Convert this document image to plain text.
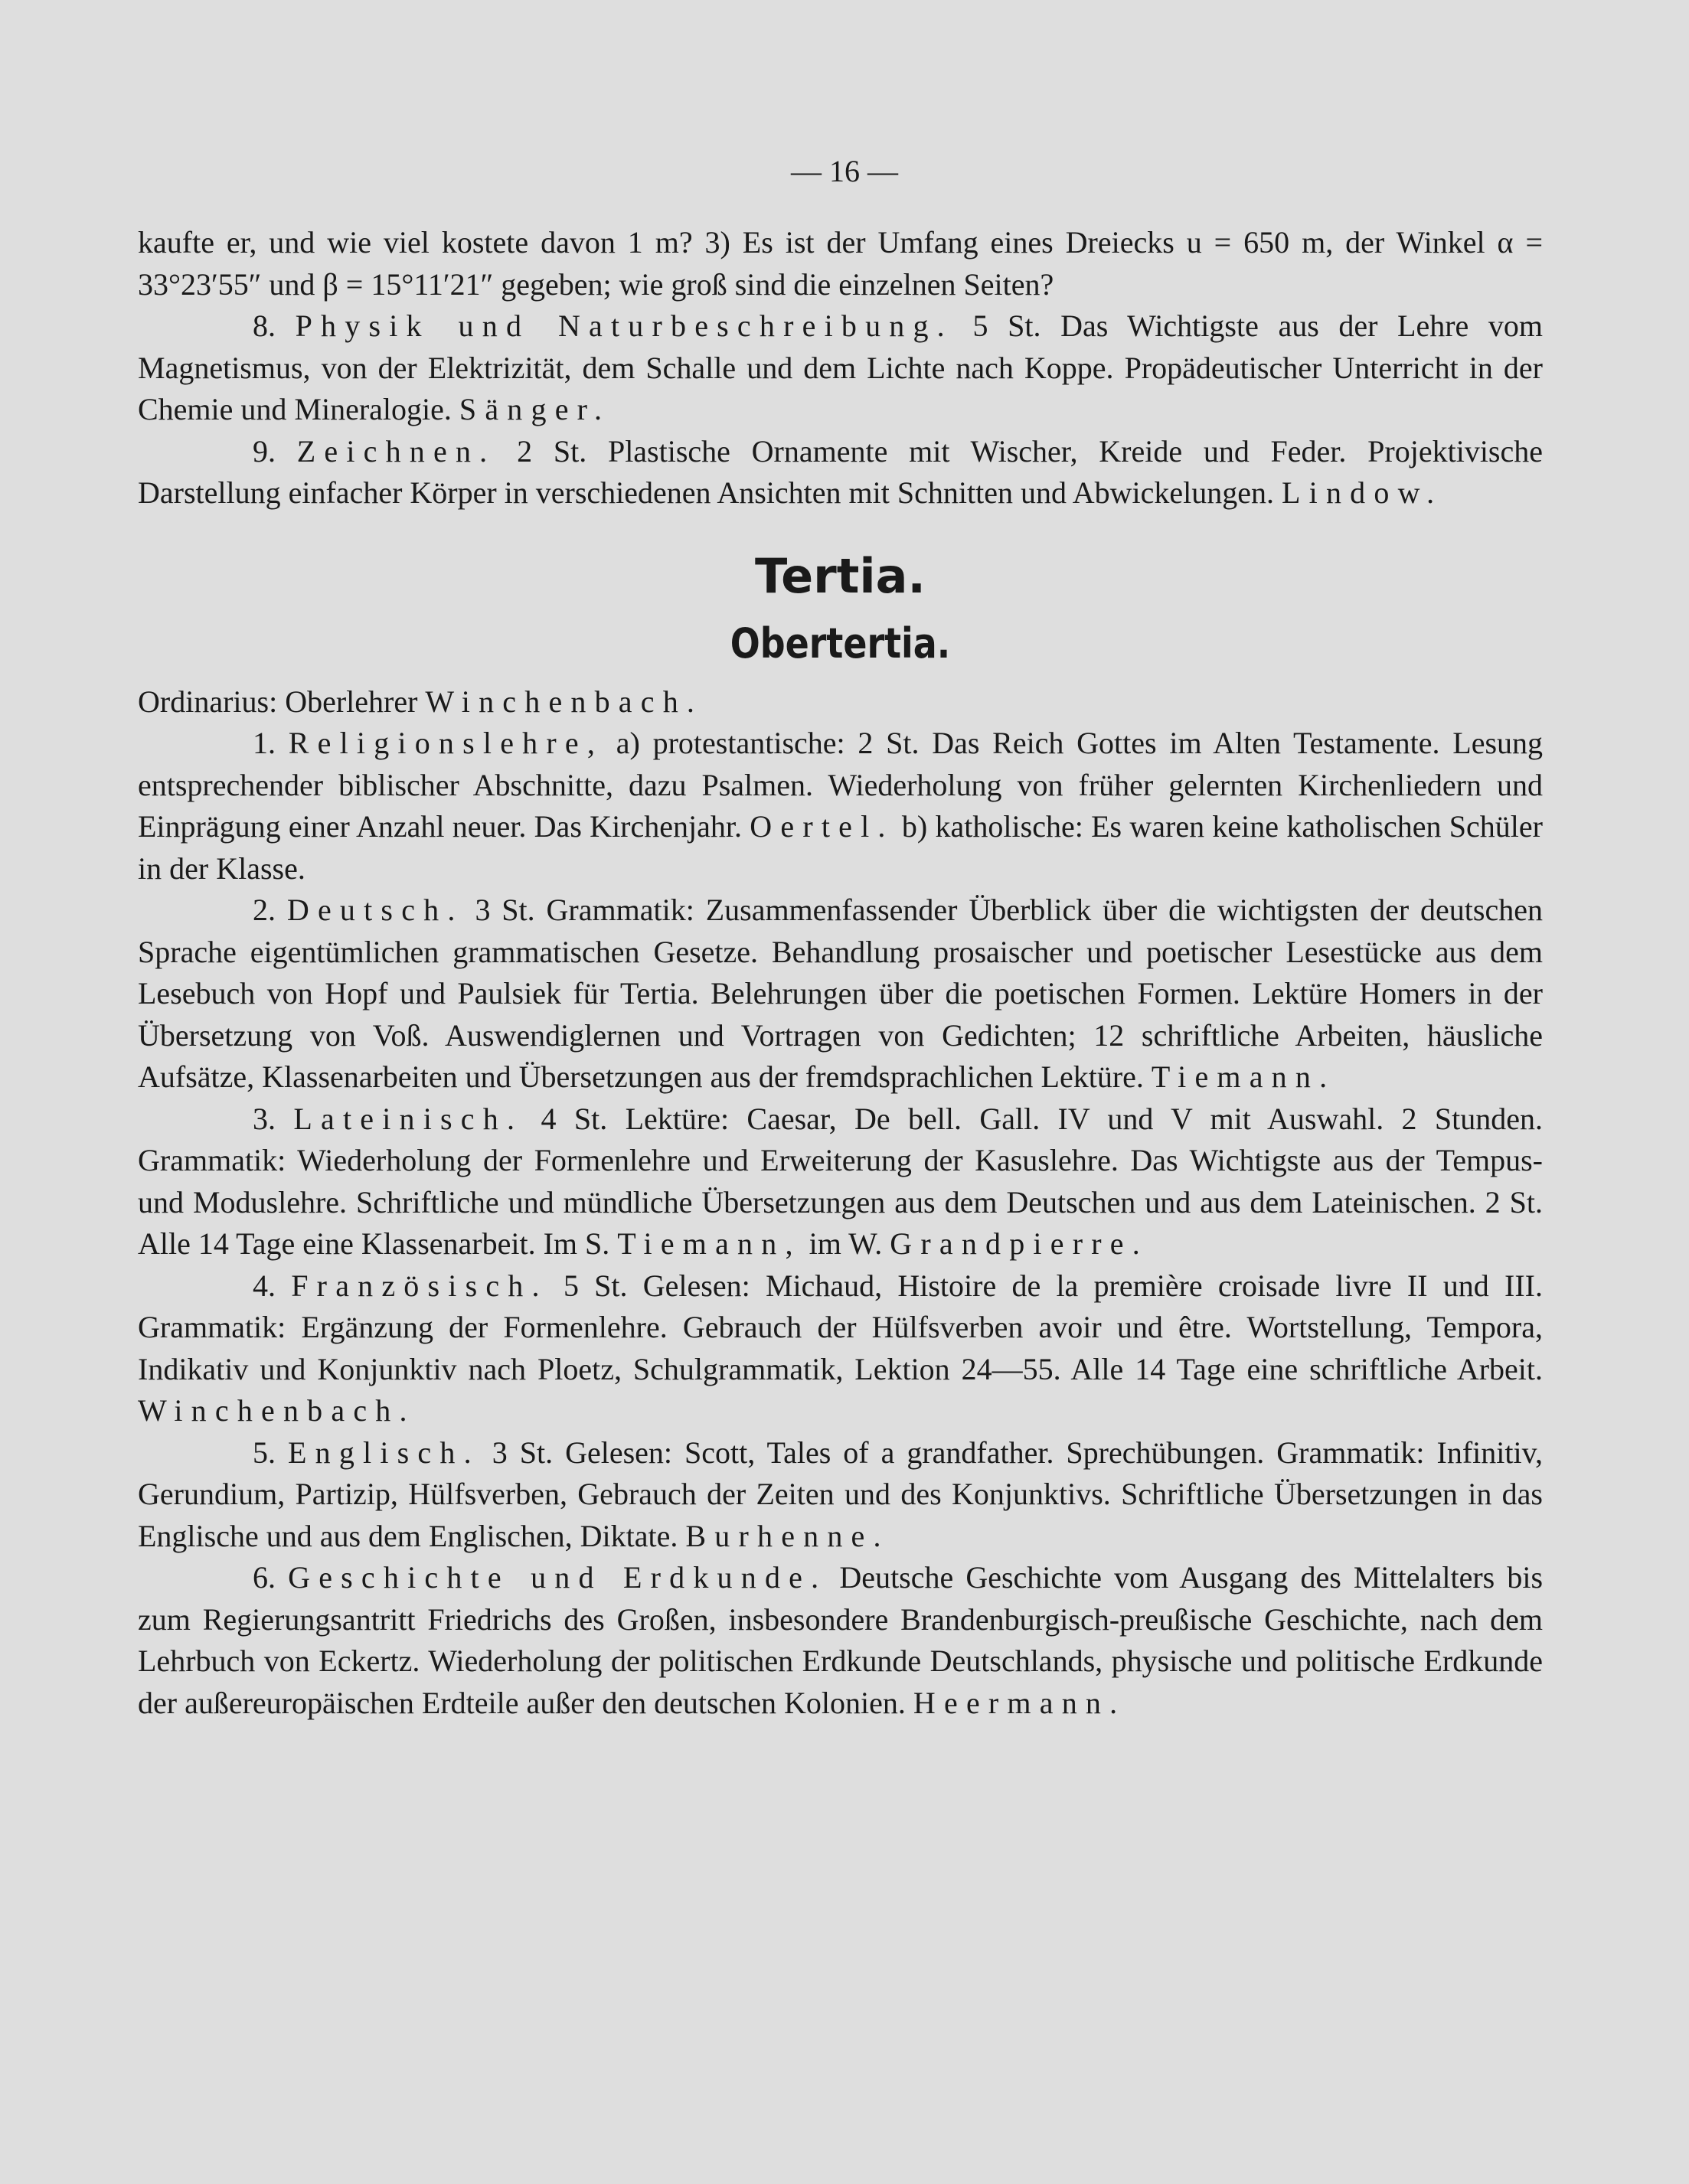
— 16 —

kaufte er, und wie viel kostete davon 1 m? 3) Es ist der Umfang eines Dreiecks u = 650 m, der Winkel α = 33°23′55″ und β = 15°11′21″ gegeben; wie groß sind die einzelnen Seiten?

8. Physik und Naturbeschreibung. 5 St. Das Wichtigste aus der Lehre vom Magnetismus, von der Elektrizität, dem Schalle und dem Lichte nach Koppe. Propädeutischer Unterricht in der Chemie und Mineralogie. Sänger.

9. Zeichnen. 2 St. Plastische Ornamente mit Wischer, Kreide und Feder. Projektivische Darstellung einfacher Körper in verschiedenen Ansichten mit Schnitten und Abwickelungen. Lindow.

Tertia.
Obertertia.

Ordinarius: Oberlehrer Winchenbach.

1. Religionslehre, a) protestantische: 2 St. Das Reich Gottes im Alten Testamente. Lesung entsprechender biblischer Abschnitte, dazu Psalmen. Wiederholung von früher gelernten Kirchenliedern und Einprägung einer Anzahl neuer. Das Kirchenjahr. Oertel. b) katholische: Es waren keine katholischen Schüler in der Klasse.

2. Deutsch. 3 St. Grammatik: Zusammenfassender Überblick über die wichtigsten der deutschen Sprache eigentümlichen grammatischen Gesetze. Behandlung prosaischer und poetischer Lesestücke aus dem Lesebuch von Hopf und Paulsiek für Tertia. Belehrungen über die poetischen Formen. Lektüre Homers in der Übersetzung von Voß. Auswendiglernen und Vortragen von Gedichten; 12 schriftliche Arbeiten, häusliche Aufsätze, Klassenarbeiten und Übersetzungen aus der fremdsprachlichen Lektüre. Tiemann.

3. Lateinisch. 4 St. Lektüre: Caesar, De bell. Gall. IV und V mit Auswahl. 2 Stunden. Grammatik: Wiederholung der Formenlehre und Erweiterung der Kasuslehre. Das Wichtigste aus der Tempus- und Moduslehre. Schriftliche und mündliche Übersetzungen aus dem Deutschen und aus dem Lateinischen. 2 St. Alle 14 Tage eine Klassenarbeit. Im S. Tiemann, im W. Grandpierre.

4. Französisch. 5 St. Gelesen: Michaud, Histoire de la première croisade livre II und III. Grammatik: Ergänzung der Formenlehre. Gebrauch der Hülfsverben avoir und être. Wortstellung, Tempora, Indikativ und Konjunktiv nach Ploetz, Schulgrammatik, Lektion 24—55. Alle 14 Tage eine schriftliche Arbeit. Winchenbach.

5. Englisch. 3 St. Gelesen: Scott, Tales of a grandfather. Sprechübungen. Grammatik: Infinitiv, Gerundium, Partizip, Hülfsverben, Gebrauch der Zeiten und des Konjunktivs. Schriftliche Übersetzungen in das Englische und aus dem Englischen, Diktate. Burhenne.

6. Geschichte und Erdkunde. Deutsche Geschichte vom Ausgang des Mittelalters bis zum Regierungsantritt Friedrichs des Großen, insbesondere Brandenburgisch-preußische Geschichte, nach dem Lehrbuch von Eckertz. Wiederholung der politischen Erdkunde Deutschlands, physische und politische Erdkunde der außereuropäischen Erdteile außer den deutschen Kolonien. Heermann.
